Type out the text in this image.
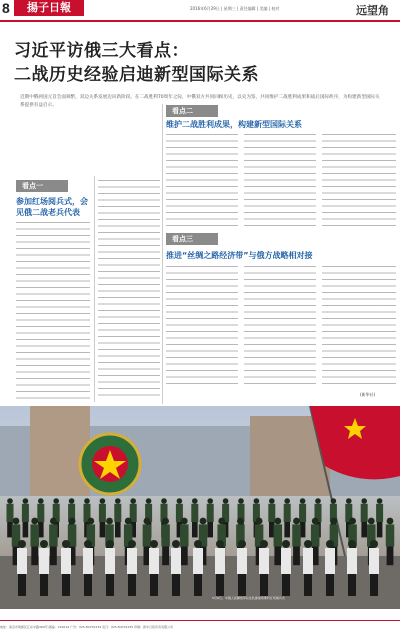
8	揚子日報	2016年6月29日 | 星期三 | 责任编辑 | 美编 | 校对	远望角
习近平访俄三大看点：
二战历史经验启迪新型国际关系
近期中俄两国元首会面频繁，双边关系发展迈向新阶段。在二战胜利70周年之际，中俄双方共同回顾历史，以史为鉴，共同维护二战胜利成果和战后国际秩序，为构建新型国际关系提供有益启示。
看点一
参加红场阅兵式，会见俄二战老兵代表
看点二
维护二战胜利成果，构建新型国际关系
看点三
推进“丝绸之路经济带”与俄方战略相对接
(新华社)
5月9日，中国人民解放军仪仗队参加莫斯科红场阅兵式
地址：南京市建邺区江东中路369号 邮编：210019 广告：025-84701234 发行：025-84701235 印刷：新华日报印务有限公司
